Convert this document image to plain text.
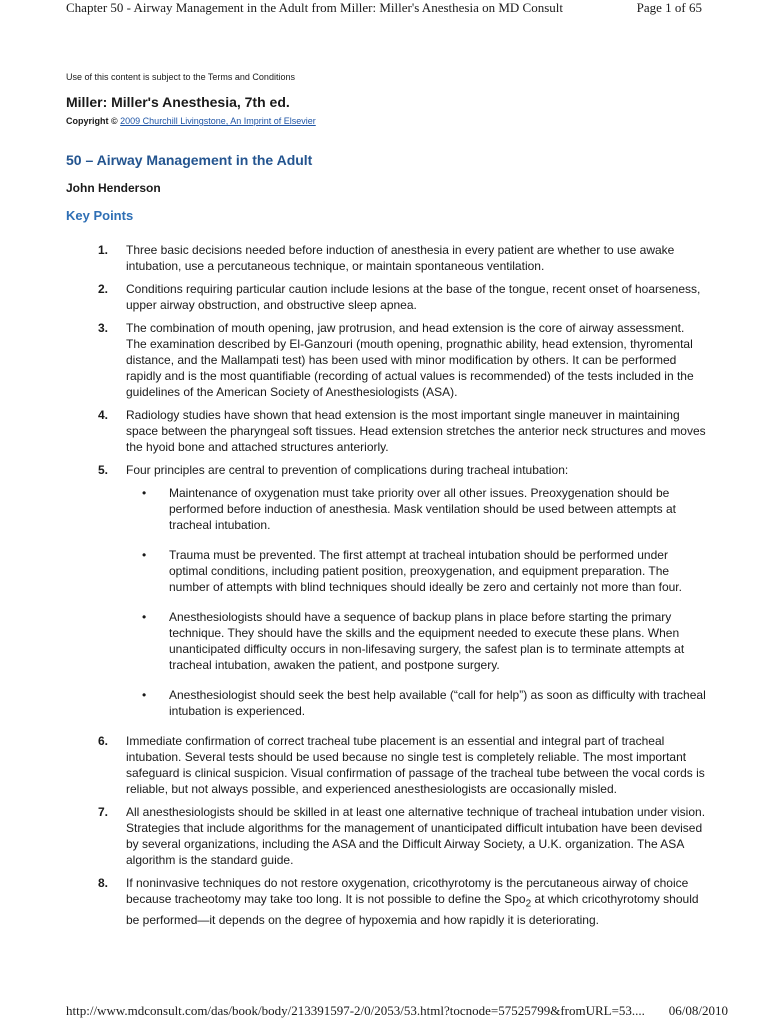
Chapter 50 - Airway Management in the Adult from Miller: Miller's Anesthesia on MD Consult	Page 1 of 65
Use of this content is subject to the Terms and Conditions
Miller: Miller's Anesthesia, 7th ed.
Copyright © 2009 Churchill Livingstone, An Imprint of Elsevier
50 – Airway Management in the Adult
John Henderson
Key Points
1. Three basic decisions needed before induction of anesthesia in every patient are whether to use awake intubation, use a percutaneous technique, or maintain spontaneous ventilation.
2. Conditions requiring particular caution include lesions at the base of the tongue, recent onset of hoarseness, upper airway obstruction, and obstructive sleep apnea.
3. The combination of mouth opening, jaw protrusion, and head extension is the core of airway assessment. The examination described by El-Ganzouri (mouth opening, prognathic ability, head extension, thyromental distance, and the Mallampati test) has been used with minor modification by others. It can be performed rapidly and is the most quantifiable (recording of actual values is recommended) of the tests included in the guidelines of the American Society of Anesthesiologists (ASA).
4. Radiology studies have shown that head extension is the most important single maneuver in maintaining space between the pharyngeal soft tissues. Head extension stretches the anterior neck structures and moves the hyoid bone and attached structures anteriorly.
5. Four principles are central to prevention of complications during tracheal intubation:
• Maintenance of oxygenation must take priority over all other issues. Preoxygenation should be performed before induction of anesthesia. Mask ventilation should be used between attempts at tracheal intubation.
• Trauma must be prevented. The first attempt at tracheal intubation should be performed under optimal conditions, including patient position, preoxygenation, and equipment preparation. The number of attempts with blind techniques should ideally be zero and certainly not more than four.
• Anesthesiologists should have a sequence of backup plans in place before starting the primary technique. They should have the skills and the equipment needed to execute these plans. When unanticipated difficulty occurs in non-lifesaving surgery, the safest plan is to terminate attempts at tracheal intubation, awaken the patient, and postpone surgery.
• Anesthesiologist should seek the best help available (“call for help”) as soon as difficulty with tracheal intubation is experienced.
6. Immediate confirmation of correct tracheal tube placement is an essential and integral part of tracheal intubation. Several tests should be used because no single test is completely reliable. The most important safeguard is clinical suspicion. Visual confirmation of passage of the tracheal tube between the vocal cords is reliable, but not always possible, and experienced anesthesiologists are occasionally misled.
7. All anesthesiologists should be skilled in at least one alternative technique of tracheal intubation under vision. Strategies that include algorithms for the management of unanticipated difficult intubation have been devised by several organizations, including the ASA and the Difficult Airway Society, a U.K. organization. The ASA algorithm is the standard guide.
8. If noninvasive techniques do not restore oxygenation, cricothyrotomy is the percutaneous airway of choice because tracheotomy may take too long. It is not possible to define the Spo$_2$ at which cricothyrotomy should be performed—it depends on the degree of hypoxemia and how rapidly it is deteriorating.
http://www.mdconsult.com/das/book/body/213391597-2/0/2053/53.html?tocnode=57525799&fromURL=53.... 06/08/2010
